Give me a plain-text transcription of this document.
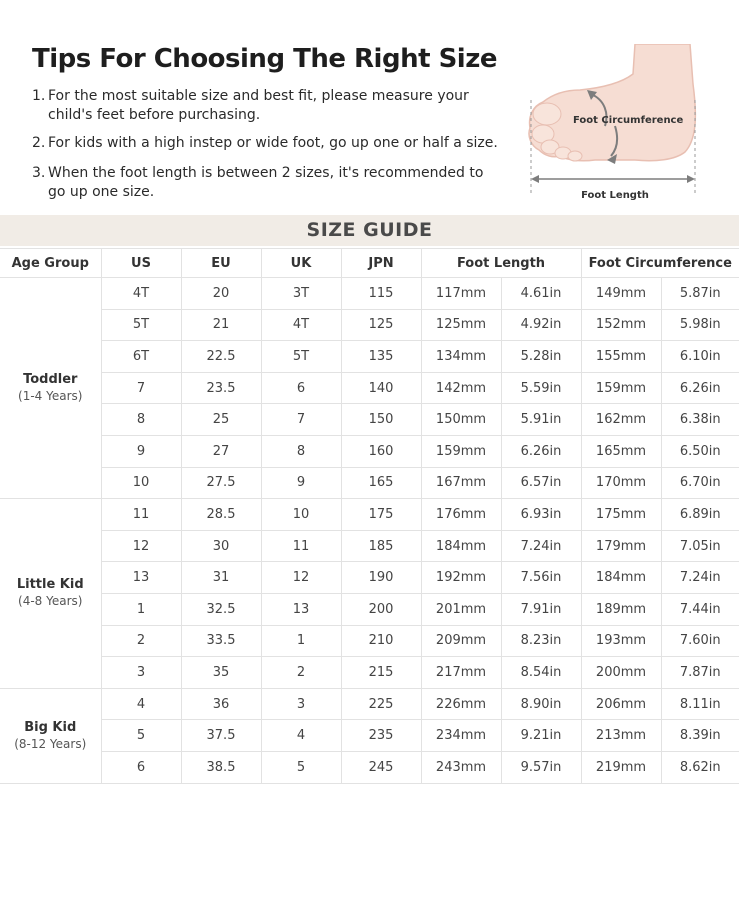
Tips For Choosing The Right Size
1. For the most suitable size and best fit, please measure your
child's feet before purchasing.
2. For kids with a high instep or wide foot, go up one or half a size.
3. When the foot length is between 2 sizes, it's recommended to
go up one size.
Foot Circumference
Foot Length
SIZE GUIDE
Age Group	US	EU	UK	JPN	Foot Length		Foot Circumference	

Toddler
(1-4 Years)	4T	20	3T	115	117mm	4.61in	149mm	5.87in
	5T	21	4T	125	125mm	4.92in	152mm	5.98in
	6T	22.5	5T	135	134mm	5.28in	155mm	6.10in
	7	23.5	6	140	142mm	5.59in	159mm	6.26in
	8	25	7	150	150mm	5.91in	162mm	6.38in
	9	27	8	160	159mm	6.26in	165mm	6.50in
	10	27.5	9	165	167mm	6.57in	170mm	6.70in

Little Kid
(4-8 Years)	11	28.5	10	175	176mm	6.93in	175mm	6.89in
	12	30	11	185	184mm	7.24in	179mm	7.05in
	13	31	12	190	192mm	7.56in	184mm	7.24in
	1	32.5	13	200	201mm	7.91in	189mm	7.44in
	2	33.5	1	210	209mm	8.23in	193mm	7.60in
	3	35	2	215	217mm	8.54in	200mm	7.87in

Big Kid
(8-12 Years)	4	36	3	225	226mm	8.90in	206mm	8.11in
	5	37.5	4	235	234mm	9.21in	213mm	8.39in
	6	38.5	5	245	243mm	9.57in	219mm	8.62in
